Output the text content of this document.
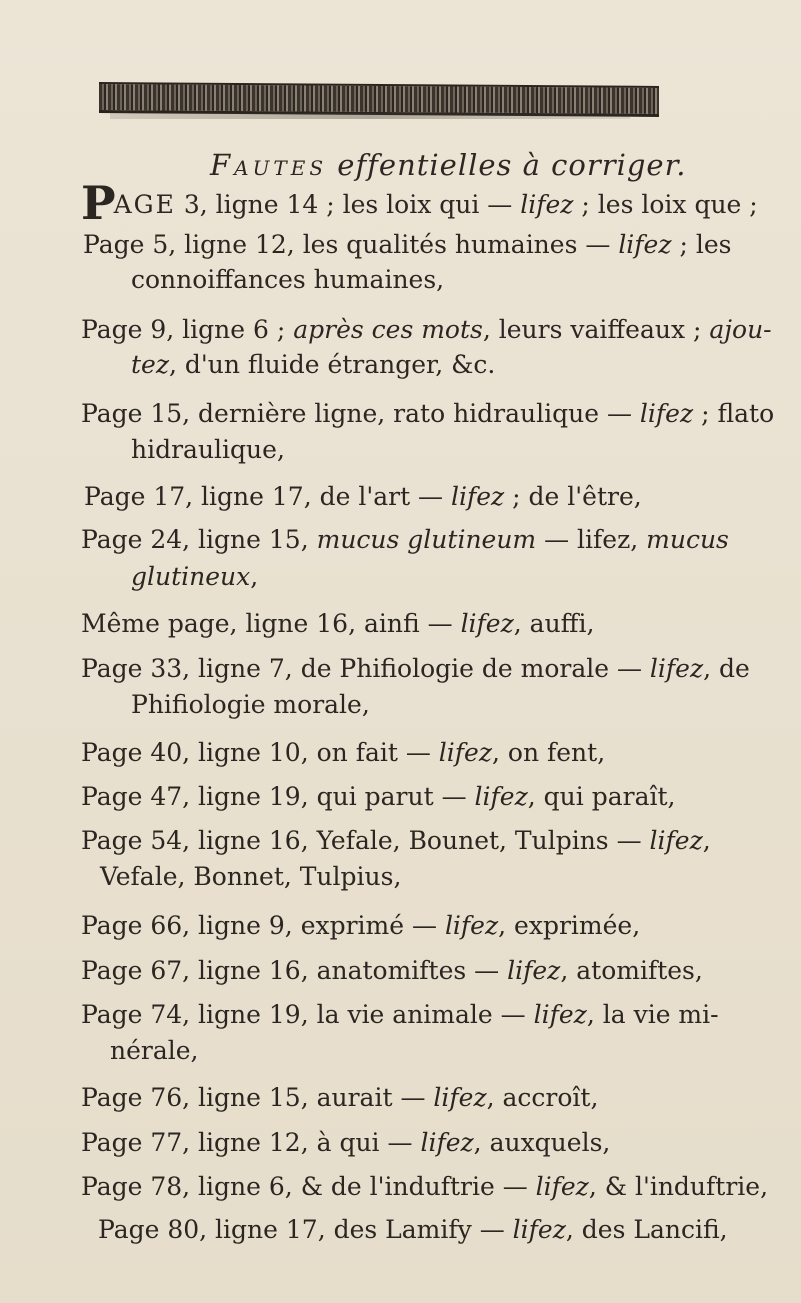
Fautes effentielles à corriger.
PAGE 3, ligne 14 ; les loix qui — lifez ; les loix que ;
Page 5, ligne 12, les qualités humaines — lifez ; les
connoiffances humaines,
Page 9, ligne 6 ; après ces mots, leurs vaiffeaux ; ajou-
tez, d'un fluide étranger, &c.
Page 15, dernière ligne, rato hidraulique — lifez ; flato
hidraulique,
Page 17, ligne 17, de l'art — lifez ; de l'être,
Page 24, ligne 15, mucus glutineum — lifez, mucus
glutineux,
Même page, ligne 16, ainfi — lifez, auffi,
Page 33, ligne 7, de Phifiologie de morale — lifez, de
Phifiologie morale,
Page 40, ligne 10, on fait — lifez, on fent,
Page 47, ligne 19, qui parut — lifez, qui paraît,
Page 54, ligne 16, Yefale, Bounet, Tulpins — lifez,
Vefale, Bonnet, Tulpius,
Page 66, ligne 9, exprimé — lifez, exprimée,
Page 67, ligne 16, anatomiftes — lifez, atomiftes,
Page 74, ligne 19, la vie animale — lifez, la vie mi-
nérale,
Page 76, ligne 15, aurait — lifez, accroît,
Page 77, ligne 12, à qui — lifez, auxquels,
Page 78, ligne 6, & de l'induftrie — lifez, & l'induftrie,
Page 80, ligne 17, des Lamify — lifez, des Lancifi,
